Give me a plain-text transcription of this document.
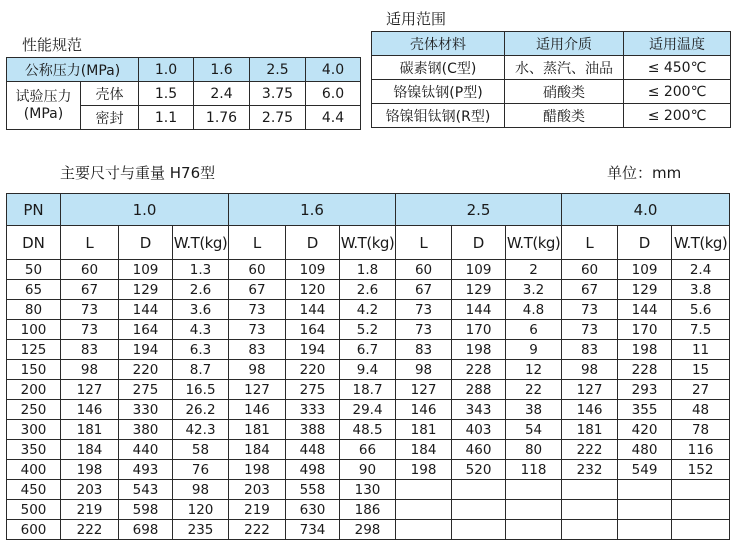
性能规范
适用范围
主要尺寸与重量 H76型	单位：mm
公称压力(MPa)		1.0	1.6	2.5	4.0

试验压力
(MPa)	壳体	1.5	2.4	3.75	6.0
	密封	1.1	1.76	2.75	4.4
壳体材料	适用介质	适用温度
碳素钢(C型)	水、蒸汽、油品	≤ 450℃
铬镍钛钢(P型)	硝酸类	≤ 200℃
铬镍钼钛钢(R型)	醋酸类	≤ 200℃
PN	1.0			1.6			2.5			4.0		
DN	L	D	W.T(kg)	L	D	W.T(kg)	L	D	W.T(kg)	L	D	W.T(kg)
50	60	109	1.3	60	109	1.8	60	109	2	60	109	2.4
65	67	129	2.6	67	120	2.6	67	129	3.2	67	129	3.8
80	73	144	3.6	73	144	4.2	73	144	4.8	73	144	5.6
100	73	164	4.3	73	164	5.2	73	170	6	73	170	7.5
125	83	194	6.3	83	194	6.7	83	198	9	83	198	11
150	98	220	8.7	98	220	9.4	98	228	12	98	228	15
200	127	275	16.5	127	275	18.7	127	288	22	127	293	27
250	146	330	26.2	146	333	29.4	146	343	38	146	355	48
300	181	380	42.3	181	388	48.5	181	403	54	181	420	78
350	184	440	58	184	448	66	184	460	80	222	480	116
400	198	493	76	198	498	90	198	520	118	232	549	152
450	203	543	98	203	558	130						
500	219	598	120	219	630	186						
600	222	698	235	222	734	298						
